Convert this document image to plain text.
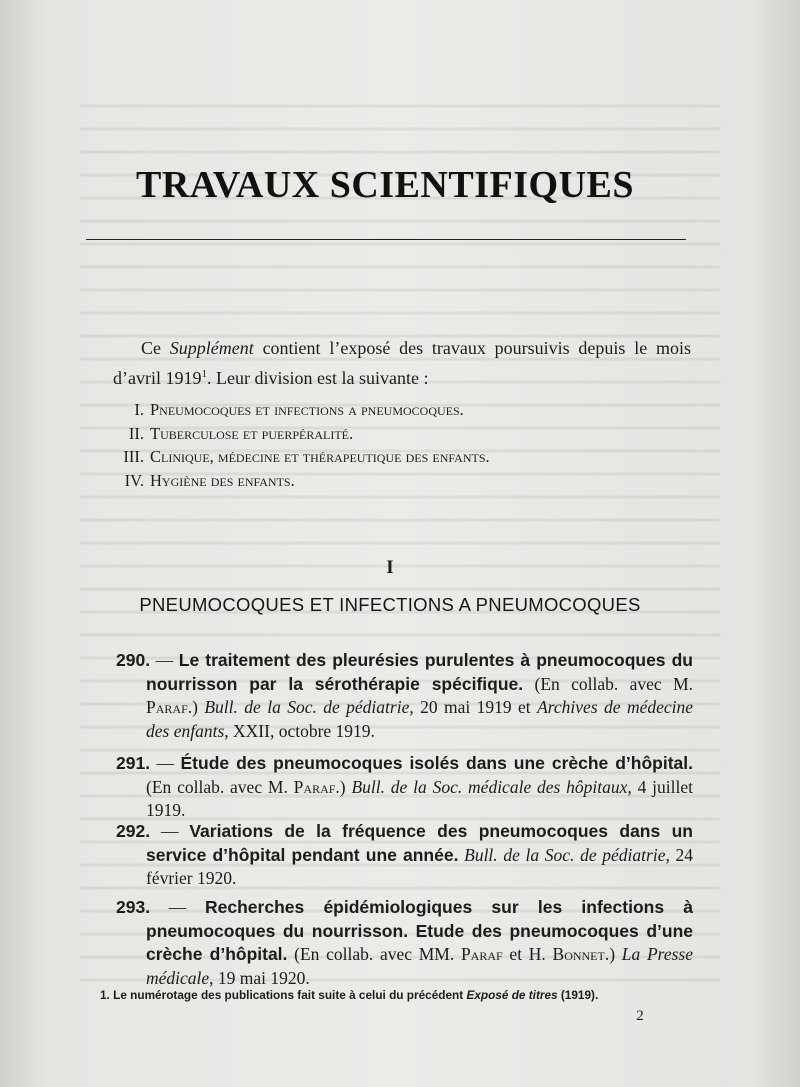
TRAVAUX SCIENTIFIQUES

Ce Supplément contient l’exposé des travaux poursuivis depuis le mois d’avril 1919$^1$. Leur division est la suivante :

I. Pneumocoques et infections a pneumocoques.
II. Tuberculose et puerpéralité.
III. Clinique, médecine et thérapeutique des enfants.
IV. Hygiène des enfants.
I
PNEUMOCOQUES ET INFECTIONS A PNEUMOCOQUES

290. — Le traitement des pleurésies purulentes à pneumocoques du nourrisson par la sérothérapie spécifique. (En collab. avec M. Paraf.) Bull. de la Soc. de pédiatrie, 20 mai 1919 et Archives de médecine des enfants, XXII, octobre 1919.

291. — Étude des pneumocoques isolés dans une crèche d’hôpital. (En collab. avec M. Paraf.) Bull. de la Soc. médicale des hôpitaux, 4 juillet 1919.

292. — Variations de la fréquence des pneumocoques dans un service d’hôpital pendant une année. Bull. de la Soc. de pédiatrie, 24 février 1920.

293. — Recherches épidémiologiques sur les infections à pneumocoques du nourrisson. Etude des pneumocoques d’une crèche d’hôpital. (En collab. avec MM. Paraf et H. Bonnet.) La Presse médicale, 19 mai 1920.

1. Le numérotage des publications fait suite à celui du précédent Exposé de titres (1919).
2
